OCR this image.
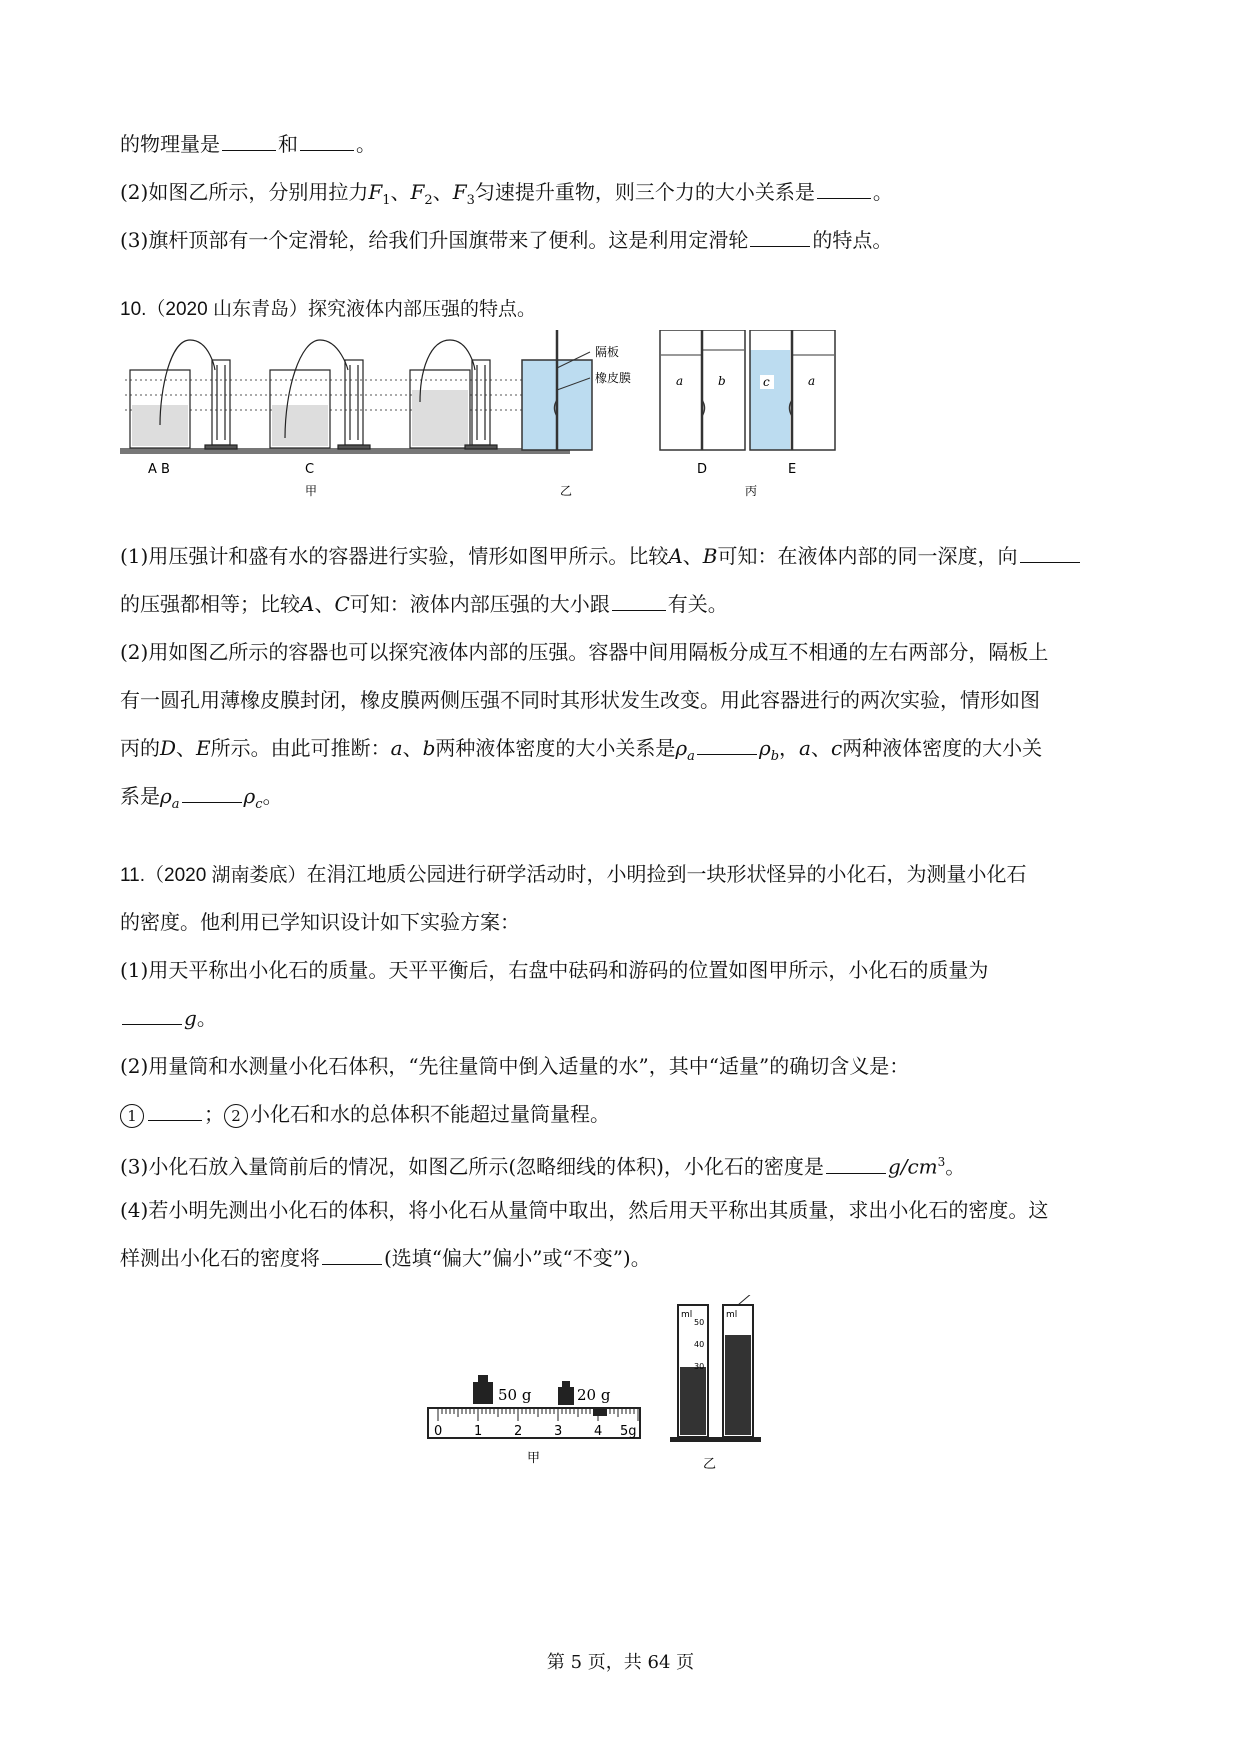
的物理量是	和	。
(2)如图乙所示，分别用拉力$F_1$、$F_2$、$F_3$匀速提升重物，则三个力的大小关系是	。
(3)旗杆顶部有一个定滑轮，给我们升国旗带来了便利。这是利用定滑轮	的特点。
10.（2020 山东青岛）探究液体内部压强的特点。
A B	C
甲
隔板
橡皮膜
乙
a	b
D
c	a
E
丙
(1)用压强计和盛有水的容器进行实验，情形如图甲所示。比较A、B可知：在液体内部的同一深度，向
的压强都相等；比较A、C可知：液体内部压强的大小跟	有关。
(2)用如图乙所示的容器也可以探究液体内部的压强。容器中间用隔板分成互不相通的左右两部分，隔板上
有一圆孔用薄橡皮膜封闭，橡皮膜两侧压强不同时其形状发生改变。用此容器进行的两次实验，情形如图
丙的D、E所示。由此可推断：a、b两种液体密度的大小关系是$\rho_a$	$\rho_b$，a、c两种液体密度的大小关
系是$\rho_a$	$\rho_c$。
11.（2020 湖南娄底）在涓江地质公园进行研学活动时，小明捡到一块形状怪异的小化石，为测量小化石
的密度。他利用已学知识设计如下实验方案：
(1)用天平称出小化石的质量。天平平衡后，右盘中砝码和游码的位置如图甲所示，小化石的质量为
g。
(2)用量筒和水测量小化石体积，“先往量筒中倒入适量的水”，其中“适量”的确切含义是：
1	； 2 小化石和水的总体积不能超过量筒量程。
(3)小化石放入量筒前后的情况，如图乙所示(忽略细线的体积)，小化石的密度是	$g/cm^3$。
(4)若小明先测出小化石的体积，将小化石从量筒中取出，然后用天平称出其质量，求出小化石的密度。这
样测出小化石的密度将	(选填“偏大”偏小”或“不变”)。
50 g	20 g
0 1 2 3 4 5g
甲
ml	ml
50
40
30
乙
第 5 页，共 64 页
